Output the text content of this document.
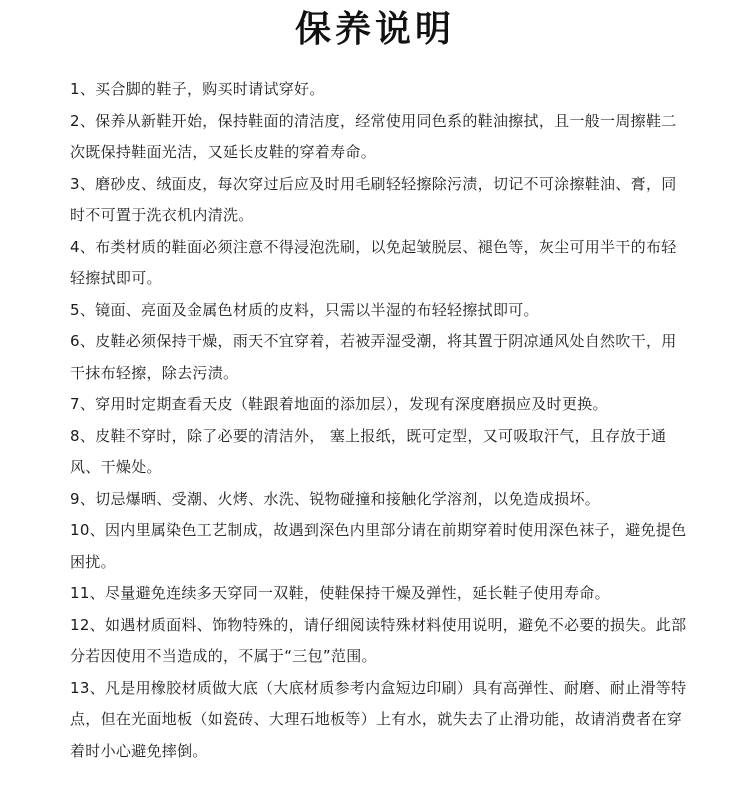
保养说明
1、买合脚的鞋子，购买时请试穿好。
2、保养从新鞋开始，保持鞋面的清洁度，经常使用同色系的鞋油擦拭，且一般一周擦鞋二次既保持鞋面光洁，又延长皮鞋的穿着寿命。
3、磨砂皮、绒面皮，每次穿过后应及时用毛刷轻轻擦除污渍，切记不可涂擦鞋油、膏，同时不可置于洗衣机内清洗。
4、布类材质的鞋面必须注意不得浸泡洗刷，以免起皱脱层、褪色等，灰尘可用半干的布轻轻擦拭即可。
5、镜面、亮面及金属色材质的皮料，只需以半湿的布轻轻擦拭即可。
6、皮鞋必须保持干燥，雨天不宜穿着，若被弄湿受潮，将其置于阴凉通风处自然吹干，用干抹布轻擦，除去污渍。
7、穿用时定期查看天皮（鞋跟着地面的添加层），发现有深度磨损应及时更换。
8、皮鞋不穿时，除了必要的清洁外， 塞上报纸，既可定型，又可吸取汗气，且存放于通风、干燥处。
9、切忌爆晒、受潮、火烤、水洗、锐物碰撞和接触化学溶剂，以免造成损坏。
10、因内里属染色工艺制成，故遇到深色内里部分请在前期穿着时使用深色袜子，避免提色困扰。
11、尽量避免连续多天穿同一双鞋，使鞋保持干燥及弹性，延长鞋子使用寿命。
12、如遇材质面料、饰物特殊的，请仔细阅读特殊材料使用说明，避免不必要的损失。此部分若因使用不当造成的，不属于“三包”范围。
13、凡是用橡胶材质做大底（大底材质参考内盒短边印刷）具有高弹性、耐磨、耐止滑等特点，但在光面地板（如瓷砖、大理石地板等）上有水，就失去了止滑功能，故请消费者在穿着时小心避免摔倒。
